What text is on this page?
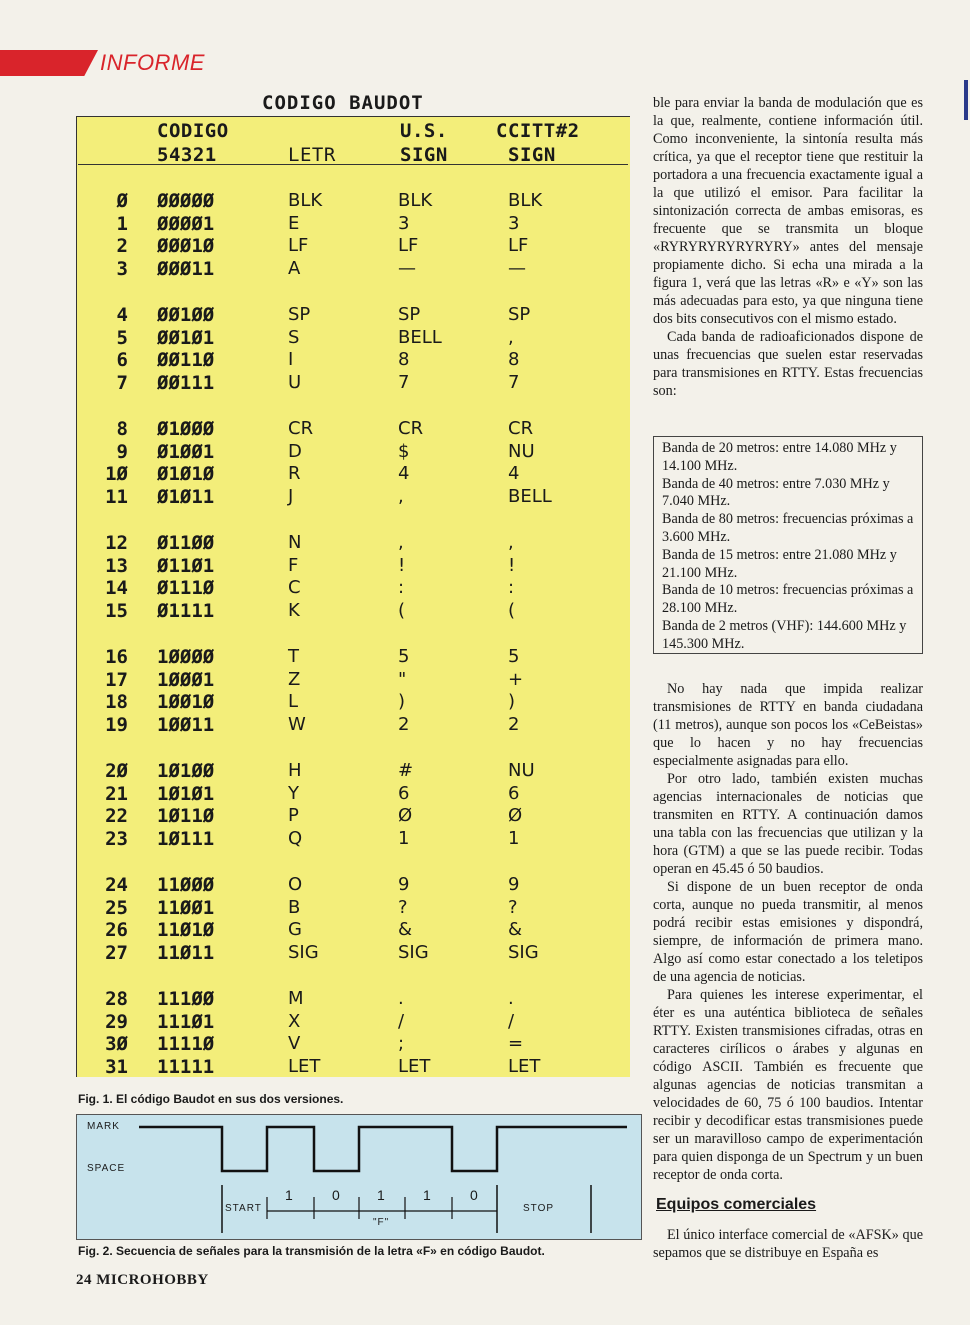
INFORME
CODIGO BAUDOT
CODIGO
54321	LETR
U.S.
SIGN
CCITT#2
SIGN
Ø ØØØØØ	BLK	BLK	BLK
1 ØØØØ1	E	3	3
2 ØØØ1Ø	LF	LF	LF
3 ØØØ11	A	—	—
4 ØØ1ØØ	SP	SP	SP
5 ØØ1Ø1	S	BELL	,
6 ØØ11Ø	I	8	8
7 ØØ111	U	7	7
8 Ø1ØØØ	CR	CR	CR
9 Ø1ØØ1	D	$	NU
1Ø Ø1Ø1Ø	R	4	4
11 Ø1Ø11	J	,	BELL
12 Ø11ØØ	N	,	,
13 Ø11Ø1	F	!	!
14 Ø111Ø	C	:	:
15 Ø1111	K	(	(
16 1ØØØØ	T	5	5
17 1ØØØ1	Z	"	+
18 1ØØ1Ø	L	)	)
19 1ØØ11	W	2	2
2Ø 1Ø1ØØ	H	#	NU
21 1Ø1Ø1	Y	6	6
22 1Ø11Ø	P	Ø	Ø
23 1Ø111	Q	1	1
24 11ØØØ	O	9	9
25 11ØØ1	B	?	?
26 11Ø1Ø	G	&	&
27 11Ø11	SIG	SIG	SIG
28 111ØØ	M	.	.
29 111Ø1	X	/	/
3Ø 1111Ø	V	;	=
31 11111	LET	LET	LET
Fig. 1. El código Baudot en sus dos versiones.
MARK
SPACE
START	STOP
1	0	1	1	0
"F"
Fig. 2. Secuencia de señales para la transmisión de la letra «F» en código Baudot.
24 MICROHOBBY

ble para enviar la banda de modulación que es la que, realmente, contiene información útil. Como inconveniente, la sintonía resulta más crítica, ya que el receptor tiene que restituir la portadora a una frecuencia exactamente igual a la que utilizó el emisor. Para facilitar la sintonización correcta de ambas emisoras, es frecuente que se transmita un bloque «RYRYRYRYRYRYRY» antes del mensaje propiamente dicho. Si echa una mirada a la figura 1, verá que las letras «R» e «Y» son las más adecuadas para esto, ya que ninguna tiene dos bits consecutivos con el mismo estado.

Cada banda de radioaficionados dispone de unas frecuencias que suelen estar reservadas para transmisiones en RTTY. Estas frecuencias son:

Banda de 20 metros: entre 14.080 MHz y 14.100 MHz.
Banda de 40 metros: entre 7.030 MHz y 7.040 MHz.
Banda de 80 metros: frecuencias próximas a 3.600 MHz.
Banda de 15 metros: entre 21.080 MHz y 21.100 MHz.
Banda de 10 metros: frecuencias próximas a 28.100 MHz.
Banda de 2 metros (VHF): 144.600 MHz y 145.300 MHz.

No hay nada que impida realizar transmisiones de RTTY en banda ciudadana (11 metros), aunque son pocos los «CeBeistas» que lo hacen y no hay frecuencias especialmente asignadas para ello.

Por otro lado, también existen muchas agencias internacionales de noticias que transmiten en RTTY. A continuación damos una tabla con las frecuencias que utilizan y la hora (GTM) a que se las puede recibir. Todas operan en 45.45 ó 50 baudios.

Si dispone de un buen receptor de onda corta, aunque no pueda transmitir, al menos podrá recibir estas emisiones y dispondrá, siempre, de información de primera mano. Algo así como estar conectado a los teletipos de una agencia de noticias.

Para quienes les interese experimentar, el éter es una auténtica biblioteca de señales RTTY. Existen transmisiones cifradas, otras en caracteres cirílicos o árabes y algunas en código ASCII. También es frecuente que algunas agencias de noticias transmitan a velocidades de 60, 75 ó 100 baudios. Intentar recibir y decodificar estas transmisiones puede ser un maravilloso campo de experimentación para quien disponga de un Spectrum y un buen receptor de onda corta.

Equipos comerciales

El único interface comercial de «AFSK» que sepamos que se distribuye en España es
